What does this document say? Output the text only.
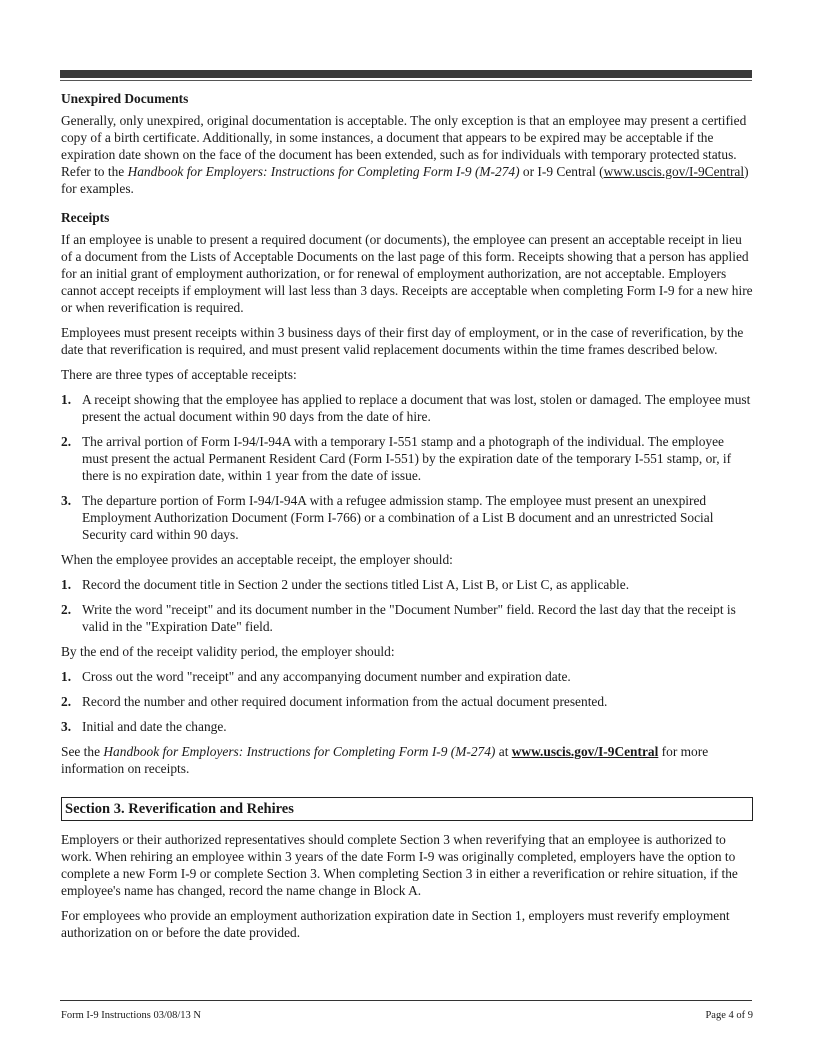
Unexpired Documents

Generally, only unexpired, original documentation is acceptable. The only exception is that an employee may present a certified copy of a birth certificate. Additionally, in some instances, a document that appears to be expired may be acceptable if the expiration date shown on the face of the document has been extended, such as for individuals with temporary protected status. Refer to the Handbook for Employers: Instructions for Completing Form I-9 (M-274) or I-9 Central (www.uscis.gov/I-9Central) for examples.

Receipts

If an employee is unable to present a required document (or documents), the employee can present an acceptable receipt in lieu of a document from the Lists of Acceptable Documents on the last page of this form. Receipts showing that a person has applied for an initial grant of employment authorization, or for renewal of employment authorization, are not acceptable. Employers cannot accept receipts if employment will last less than 3 days. Receipts are acceptable when completing Form I-9 for a new hire or when reverification is required.

Employees must present receipts within 3 business days of their first day of employment, or in the case of reverification, by the date that reverification is required, and must present valid replacement documents within the time frames described below.

There are three types of acceptable receipts:

1. A receipt showing that the employee has applied to replace a document that was lost, stolen or damaged. The employee must present the actual document within 90 days from the date of hire.
2. The arrival portion of Form I-94/I-94A with a temporary I-551 stamp and a photograph of the individual. The employee must present the actual Permanent Resident Card (Form I-551) by the expiration date of the temporary I-551 stamp, or, if there is no expiration date, within 1 year from the date of issue.
3. The departure portion of Form I-94/I-94A with a refugee admission stamp. The employee must present an unexpired Employment Authorization Document (Form I-766) or a combination of a List B document and an unrestricted Social Security card within 90 days.

When the employee provides an acceptable receipt, the employer should:

1. Record the document title in Section 2 under the sections titled List A, List B, or List C, as applicable.
2. Write the word "receipt" and its document number in the "Document Number" field. Record the last day that the receipt is valid in the "Expiration Date" field.

By the end of the receipt validity period, the employer should:

1. Cross out the word "receipt" and any accompanying document number and expiration date.
2. Record the number and other required document information from the actual document presented.
3. Initial and date the change.

See the Handbook for Employers: Instructions for Completing Form I-9 (M-274) at www.uscis.gov/I-9Central for more information on receipts.

Section 3. Reverification and Rehires

Employers or their authorized representatives should complete Section 3 when reverifying that an employee is authorized to work. When rehiring an employee within 3 years of the date Form I-9 was originally completed, employers have the option to complete a new Form I-9 or complete Section 3. When completing Section 3 in either a reverification or rehire situation, if the employee's name has changed, record the name change in Block A.

For employees who provide an employment authorization expiration date in Section 1, employers must reverify employment authorization on or before the date provided.

Form I-9 Instructions 03/08/13 N	Page 4 of 9
